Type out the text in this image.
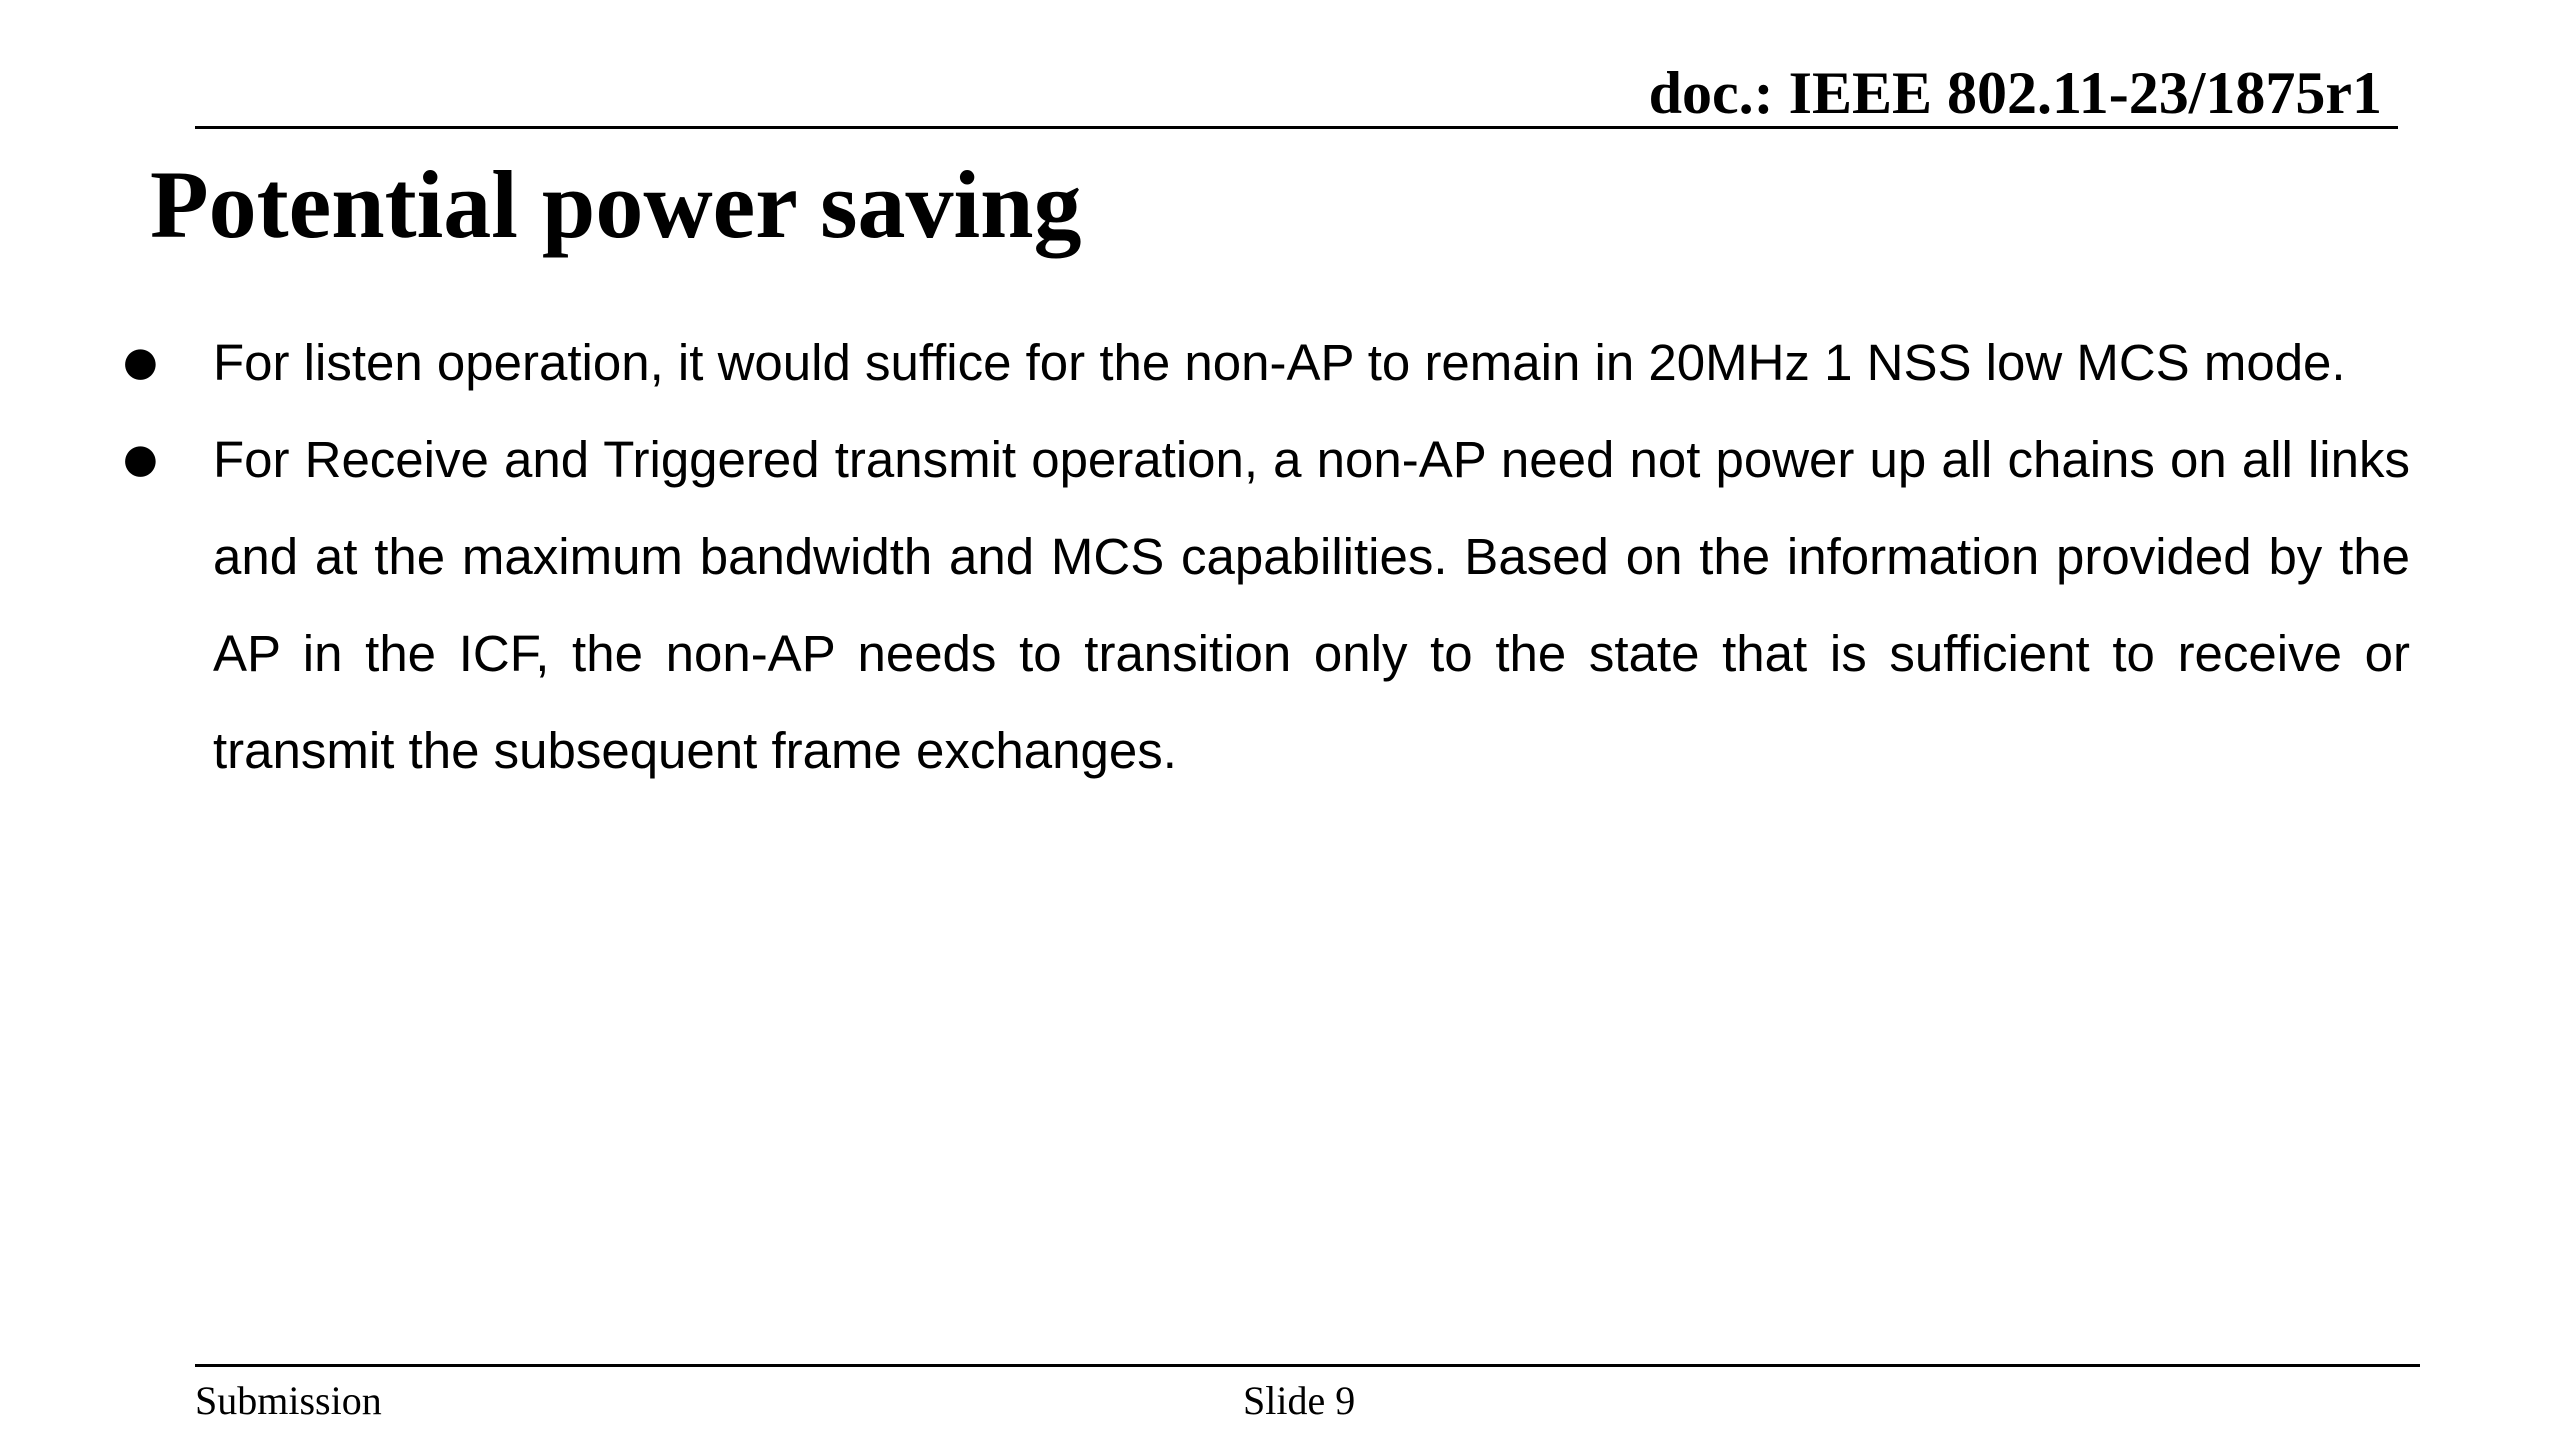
doc.: IEEE 802.11-23/1875r1
Potential power saving
● For listen operation, it would suffice for the non-AP to remain in 20MHz 1 NSS low MCS mode.
● For Receive and Triggered transmit operation, a non-AP need not power up all chains on all links and at the maximum bandwidth and MCS capabilities. Based on the information provided by the AP in the ICF, the non-AP needs to transition only to the state that is sufficient to receive or transmit the subsequent frame exchanges.
Submission	Slide 9
